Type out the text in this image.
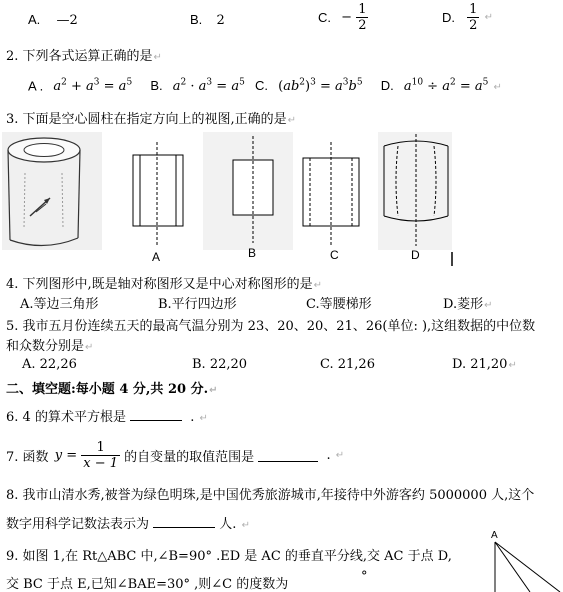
A. —2	B. 2	C. − $\frac{1}{2}$	D. $\frac{1}{2}$ ↵
2. 下列各式运算正确的是↵
A . $a^2 + a^3 = a^5$ B. $a^2 \cdot a^3 = a^5$ C. $(ab^2)^3 = a^3b^5$ D. $a^{10} \div a^2 = a^5$ ↵
3. 下面是空心圆柱在指定方向上的视图,正确的是↵
A	B	C	D
4. 下列图形中,既是轴对称图形又是中心对称图形的是↵
A.等边三角形	B.平行四边形	C.等腰梯形	D.菱形↵
5. 我市五月份连续五天的最高气温分别为 23、20、20、21、26(单位: ),这组数据的中位数
和众数分别是↵
A. 22,26	B. 22,20	C. 21,26	D. 21,20↵
二、填空题:每小题 4 分,共 20 分.↵
6. 4 的算术平方根是	. ↵
7. 函数 $y = \frac{1}{x - 1}$ 的自变量的取值范围是	. ↵
8. 我市山清水秀,被誉为绿色明珠,是中国优秀旅游城市,年接待中外游客约 5000000 人,这个
数字用科学记数法表示为	人. ↵
9. 如图 1,在 Rt△ABC 中,∠B=90° .ED 是 AC 的垂直平分线,交 AC 于点 D,
交 BC 于点 E,已知∠BAE=30° ,则∠C 的度数为
°
A
